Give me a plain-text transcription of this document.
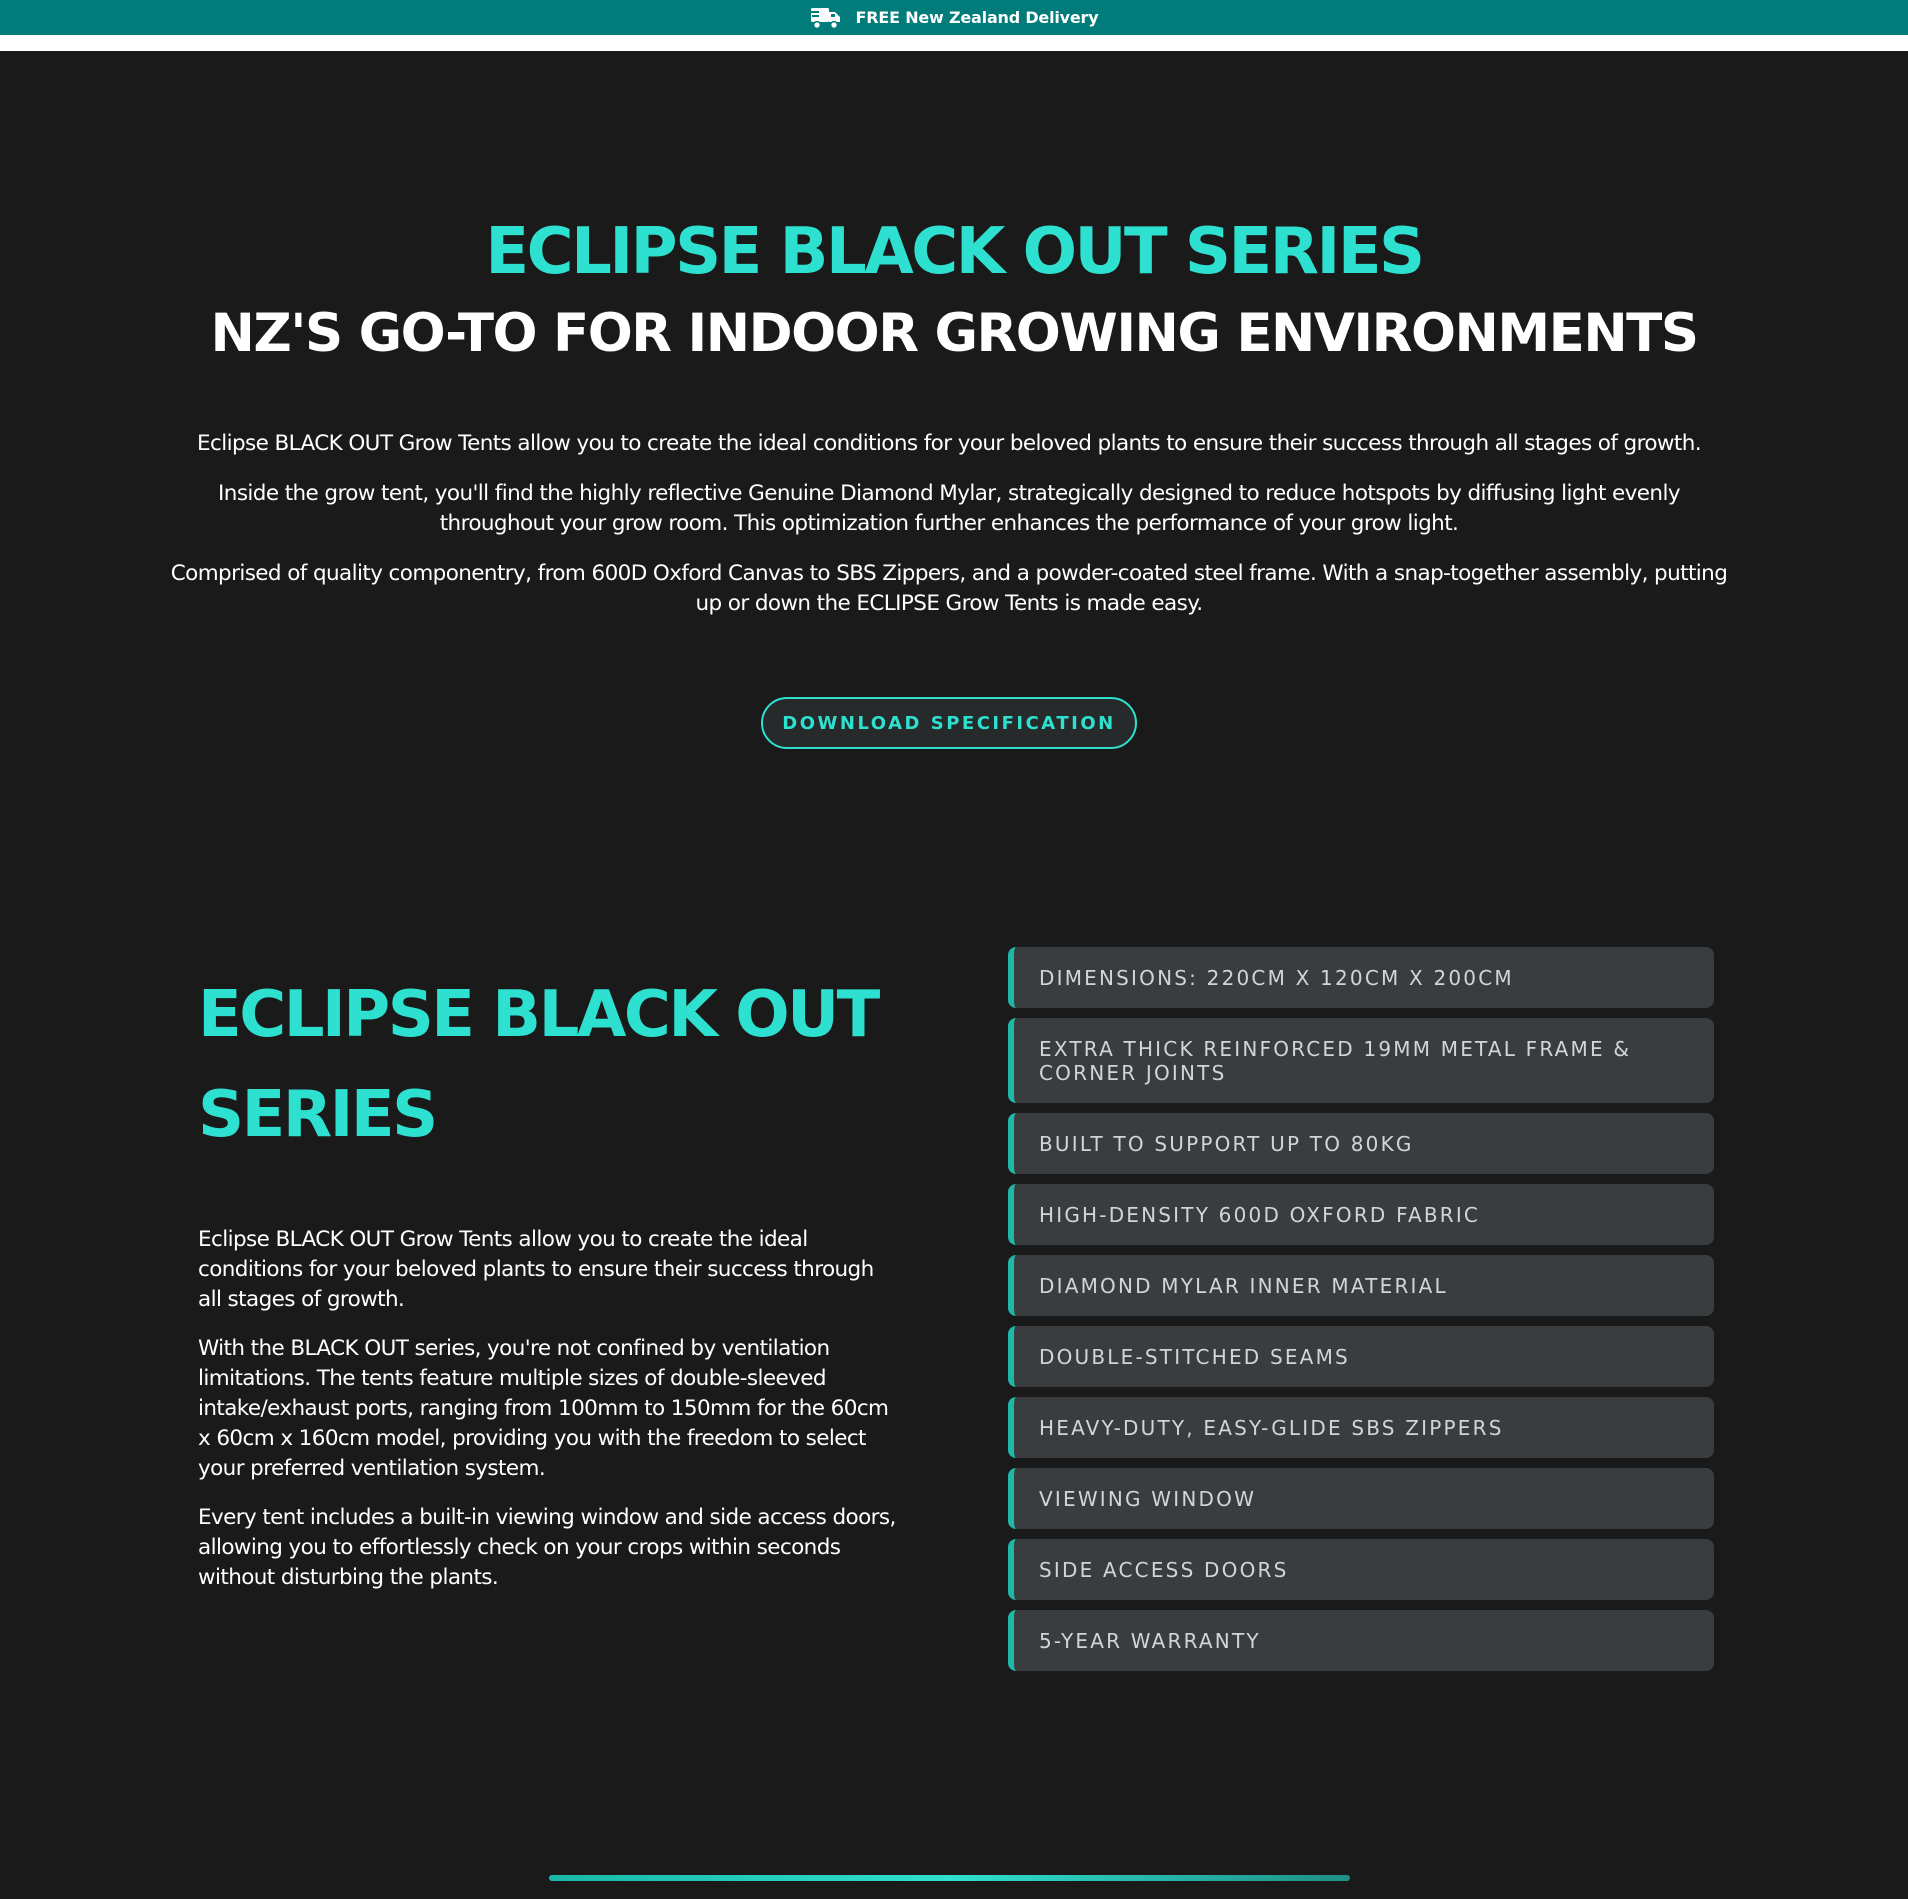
FREE New Zealand Delivery
ECLIPSE BLACK OUT SERIES
NZ'S GO-TO FOR INDOOR GROWING ENVIRONMENTS

Eclipse BLACK OUT Grow Tents allow you to create the ideal conditions for your beloved plants to ensure their success through all stages of growth.

Inside the grow tent, you'll find the highly reflective Genuine Diamond Mylar, strategically designed to reduce hotspots by diffusing light evenly throughout your grow room. This optimization further enhances the performance of your grow light.

Comprised of quality componentry, from 600D Oxford Canvas to SBS Zippers, and a powder-coated steel frame. With a snap-together assembly, putting up or down the ECLIPSE Grow Tents is made easy.

DOWNLOAD SPECIFICATION
ECLIPSE BLACK OUT SERIES

Eclipse BLACK OUT Grow Tents allow you to create the ideal conditions for your beloved plants to ensure their success through all stages of growth.

With the BLACK OUT series, you're not confined by ventilation limitations. The tents feature multiple sizes of double-sleeved intake/exhaust ports, ranging from 100mm to 150mm for the 60cm x 60cm x 160cm model, providing you with the freedom to select your preferred ventilation system.

Every tent includes a built-in viewing window and side access doors, allowing you to effortlessly check on your crops within seconds without disturbing the plants.

DIMENSIONS: 220CM X 120CM X 200CM
EXTRA THICK REINFORCED 19MM METAL FRAME & CORNER JOINTS
BUILT TO SUPPORT UP TO 80KG
HIGH-DENSITY 600D OXFORD FABRIC
DIAMOND MYLAR INNER MATERIAL
DOUBLE-STITCHED SEAMS
HEAVY-DUTY, EASY-GLIDE SBS ZIPPERS
VIEWING WINDOW
SIDE ACCESS DOORS
5-YEAR WARRANTY
